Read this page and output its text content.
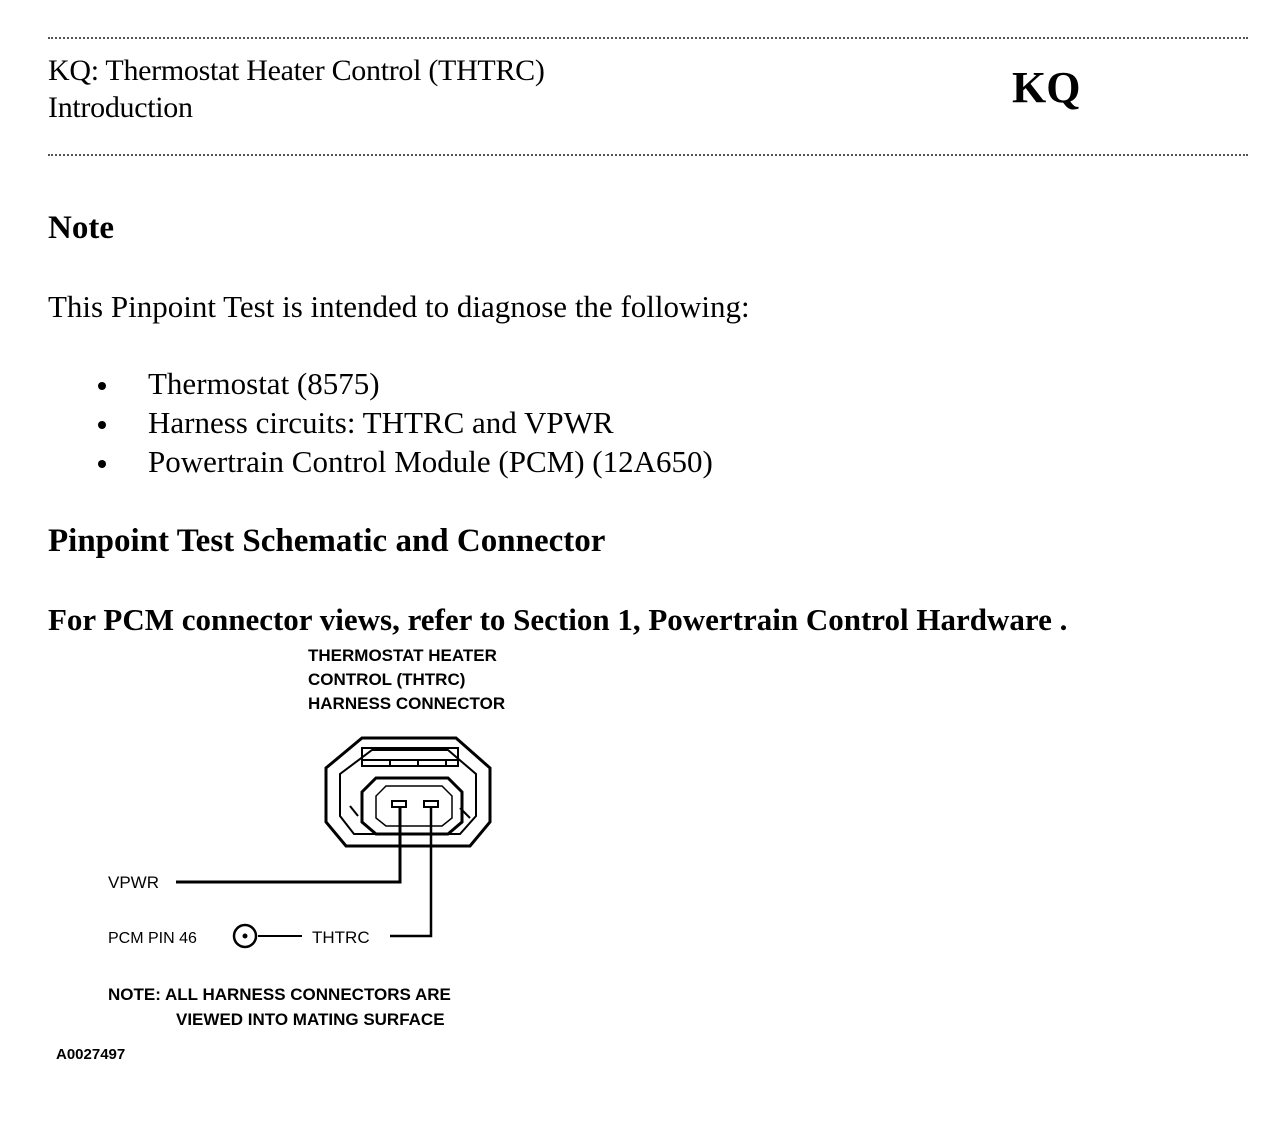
KQ: Thermostat Heater Control (THTRC)
Introduction	KQ
Note
This Pinpoint Test is intended to diagnose the following:
Thermostat (8575)
Harness circuits: THTRC and VPWR
Powertrain Control Module (PCM) (12A650)
Pinpoint Test Schematic and Connector
For PCM connector views, refer to Section 1, Powertrain Control Hardware .
THERMOSTAT HEATER
CONTROL (THTRC)
HARNESS CONNECTOR
VPWR
PCM PIN 46	THTRC
NOTE: ALL HARNESS CONNECTORS ARE
VIEWED INTO MATING SURFACE
A0027497
